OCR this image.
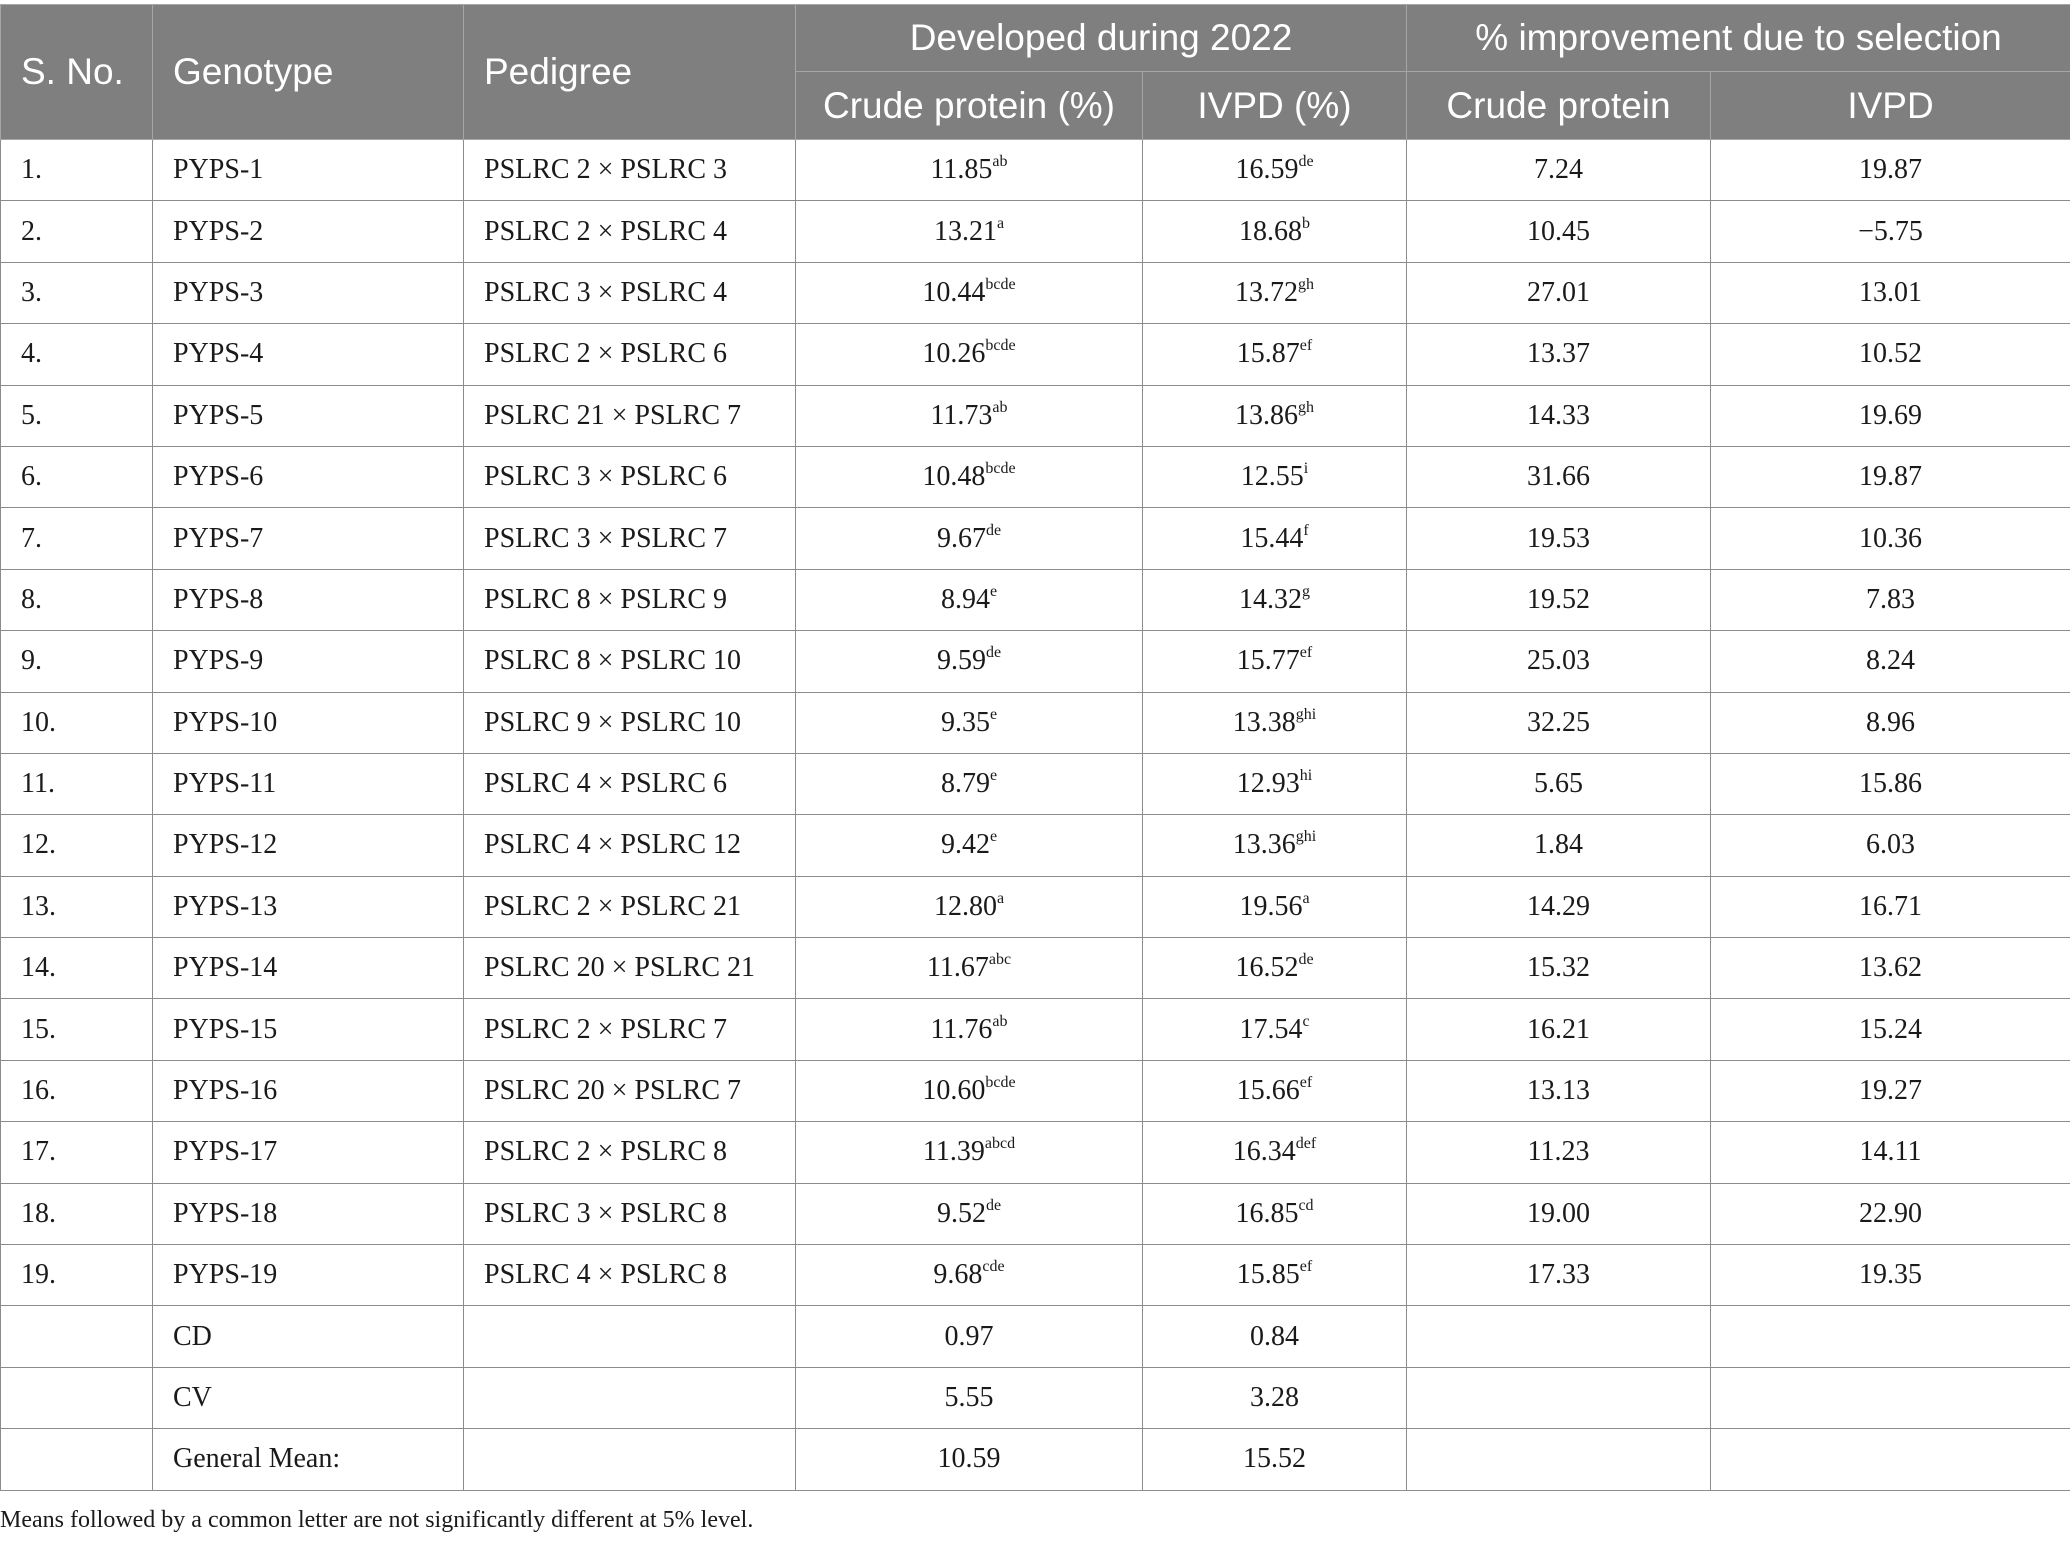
S. No.	Genotype	Pedigree	Developed during 2022		% improvement due to selection	
			Crude protein (%)	IVPD (%)	Crude protein	IVPD
1.	PYPS-1	PSLRC 2 × PSLRC 3	11.85$^{ab}$	16.59de	7.24	19.87
2.	PYPS-2	PSLRC 2 × PSLRC 4	13.21$^a$	18.68$^b$	10.45	−5.75
3.	PYPS-3	PSLRC 3 × PSLRC 4	$10.44^{bcde}$	13.72$^{gh}$	27.01	13.01
4.	PYPS-4	PSLRC 2 × PSLRC 6	$10.26^{bcde}$	15.87$^{ef}$	13.37	10.52
5.	PYPS-5	PSLRC 21 × PSLRC 7	11.73$^{ab}$	13.86$^{gh}$	14.33	19.69
6.	PYPS-6	PSLRC 3 × PSLRC 6	$10.48^{bcde}$	12.55$^i$	31.66	19.87
7.	PYPS-7	PSLRC 3 × PSLRC 7	9.67de	15.44$^f$	19.53	10.36
8.	PYPS-8	PSLRC 8 × PSLRC 9	8.94e	14.32$^g$	19.52	7.83
9.	PYPS-9	PSLRC 8 × PSLRC 10	9.59de	15.77$^{ef}$	25.03	8.24
10.	PYPS-10	PSLRC 9 × PSLRC 10	9.35e	$13.38^{ghi}$	32.25	8.96
11.	PYPS-11	PSLRC 4 × PSLRC 6	8.79e	$12.93^{hi}$	5.65	15.86
12.	PYPS-12	PSLRC 4 × PSLRC 12	9.42e	$13.36^{ghi}$	1.84	6.03
13.	PYPS-13	PSLRC 2 × PSLRC 21	12.80$^a$	19.56$^a$	14.29	16.71
14.	PYPS-14	PSLRC 20 × PSLRC 21	11.67$^{abc}$	16.52de	15.32	13.62
15.	PYPS-15	PSLRC 2 × PSLRC 7	11.76$^{ab}$	17.54$^c$	16.21	15.24
16.	PYPS-16	PSLRC 20 × PSLRC 7	$10.60^{bcde}$	15.66$^{ef}$	13.13	19.27
17.	PYPS-17	PSLRC 2 × PSLRC 8	$11.39^{abcd}$	16.34$^{def}$	11.23	14.11
18.	PYPS-18	PSLRC 3 × PSLRC 8	9.52de	16.85$^{cd}$	19.00	22.90
19.	PYPS-19	PSLRC 4 × PSLRC 8	9.68$^{cde}$	15.85$^{ef}$	17.33	19.35
	CD		0.97	0.84		
	CV		5.55	3.28		
	General Mean:		10.59	15.52		
Means followed by a common letter are not significantly different at 5% level.
